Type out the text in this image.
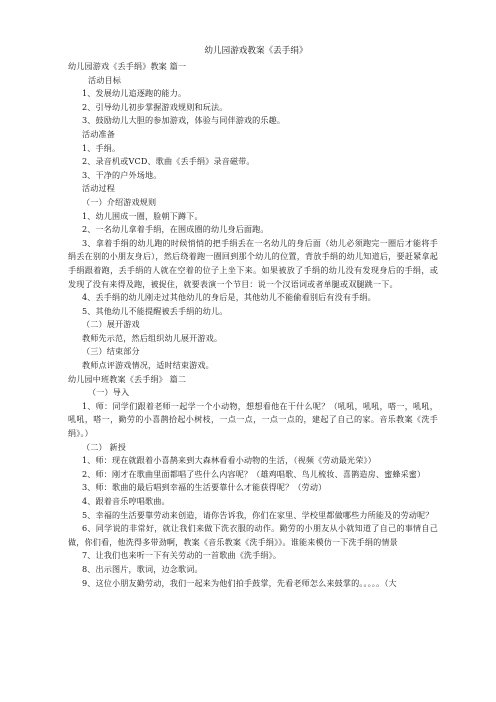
幼儿园游戏教案《丢手绢》

幼儿园游戏《丢手绢》教案 篇一

活动目标

1、发展幼儿追逐跑的能力。

2、引导幼儿初步掌握游戏规则和玩法。

3、鼓励幼儿大胆的参加游戏，体验与同伴游戏的乐趣。

活动准备

1、手绢。

2、录音机或VCD、歌曲《丢手绢》录音磁带。

3、干净的户外场地。

活动过程

（一）介绍游戏规则

1、幼儿围成一圈，脸朝下蹲下。

2、一名幼儿拿着手绢，在围成圈的幼儿身后面跑。

3、拿着手绢的幼儿跑的时候悄悄的把手绢丢在一名幼儿的身后面（幼儿必须跑完一圈后才能将手绢丢在别的小朋友身后），然后绕着跑一圈回到那个幼儿的位置，背放手绢的幼儿知道后，要赶紧拿起手绢跟着跑，丢手绢的人就在空着的位子上坐下来。如果被放了手绢的幼儿没有发现身后的手绢，或发现了没有来得及跑，被捉住，就要表演一个节目：说一个汉语词或者单腿或双腿跳一下。

4、丢手绢的幼儿刚走过其他幼儿的身后是，其他幼儿不能偷看别后有没有手绢。

5、其他幼儿不能提醒被丢手绢的幼儿。

（二）展开游戏

教师先示范，然后组织幼儿展开游戏。

（三）结束部分

教师点评游戏情况，适时结束游戏。

幼儿园中班教案《丢手绢》 篇二

（一）导入

1、师：同学们跟着老师一起学一个小动物，想想看他在干什么呢？（吼吼，吼吼，嗒一，吼吼，吼吼，嗒一，勤劳的小喜鹊拾起小树枝，一点一点，一点一点的，建起了自己的家。音乐教案《洗手绢》。）

（二） 新授

1、师：现在就跟着小喜鹊来到大森林看看小动物的生活，（视频《劳动最光荣》）

2、师：刚才在歌曲里面都唱了些什么内容呢？（雄鸡唱歌、鸟儿梳妆、喜鹊造房、蜜蜂采蜜）

3、师：歌曲的最后唱到幸福的生活要靠什么才能获得呢？（劳动）

4、跟着音乐哼唱歌曲。

5、幸福的生活要靠劳动来创造，请你告诉我，你们在家里、学校里都做哪些力所能及的劳动呢？

6、同学说的非常好，就让我们来做下洗衣服的动作。勤劳的小朋友从小就知道了自己的事情自己做，你们看，他洗得多带劲啊，教案《音乐教案《洗手绢》》。谁能来模仿一下洗手绢的情景

7、让我们也来听一下有关劳动的一首歌曲《洗手绢》。

8、出示图片，歌词，边念歌词。

9、这位小朋友勤劳动，我们一起来为他们拍手鼓掌，先看老师怎么来鼓掌的。。。。。（大
